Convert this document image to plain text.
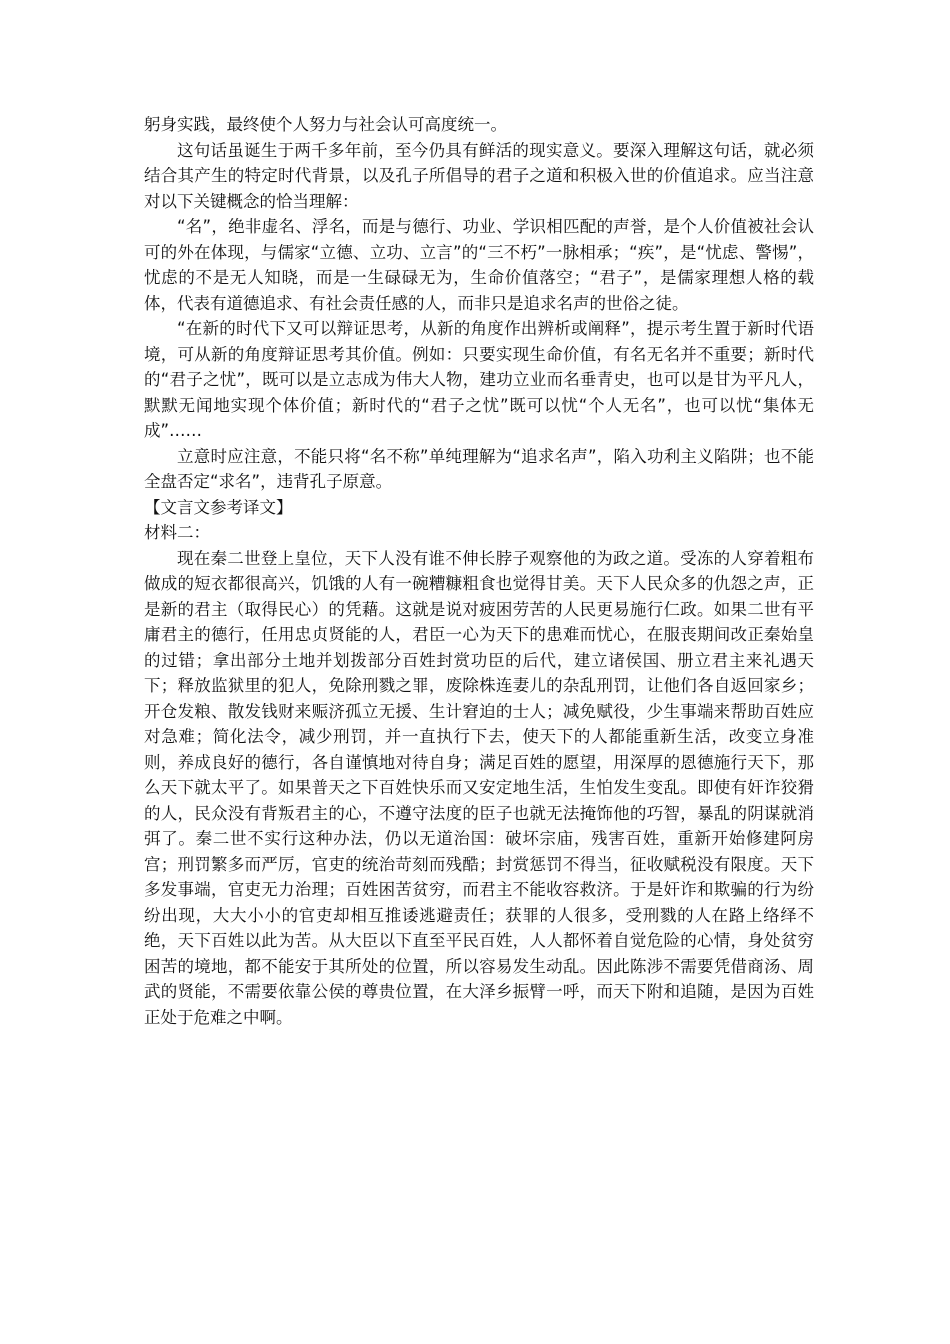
躬身实践，最终使个人努力与社会认可高度统一。

这句话虽诞生于两千多年前，至今仍具有鲜活的现实意义。要深入理解这句话，就必须结合其产生的特定时代背景，以及孔子所倡导的君子之道和积极入世的价值追求。应当注意对以下关键概念的恰当理解：

“名”，绝非虚名、浮名，而是与德行、功业、学识相匹配的声誉，是个人价值被社会认可的外在体现，与儒家“立德、立功、立言”的“三不朽”一脉相承；“疾”，是“忧虑、警惕”，忧虑的不是无人知晓，而是一生碌碌无为，生命价值落空；“君子”，是儒家理想人格的载体，代表有道德追求、有社会责任感的人，而非只是追求名声的世俗之徒。

“在新的时代下又可以辩证思考，从新的角度作出辨析或阐释”，提示考生置于新时代语境，可从新的角度辩证思考其价值。例如：只要实现生命价值，有名无名并不重要；新时代的“君子之忧”，既可以是立志成为伟大人物，建功立业而名垂青史，也可以是甘为平凡人，默默无闻地实现个体价值；新时代的“君子之忧”既可以忧“个人无名”，也可以忧“集体无成”……

立意时应注意，不能只将“名不称”单纯理解为“追求名声”，陷入功利主义陷阱；也不能全盘否定“求名”，违背孔子原意。

【文言文参考译文】

材料二：

现在秦二世登上皇位，天下人没有谁不伸长脖子观察他的为政之道。受冻的人穿着粗布做成的短衣都很高兴，饥饿的人有一碗糟糠粗食也觉得甘美。天下人民众多的仇怨之声，正是新的君主（取得民心）的凭藉。这就是说对疲困劳苦的人民更易施行仁政。如果二世有平庸君主的德行，任用忠贞贤能的人，君臣一心为天下的患难而忧心，在服丧期间改正秦始皇的过错；拿出部分土地并划拨部分百姓封赏功臣的后代，建立诸侯国、册立君主来礼遇天下；释放监狱里的犯人，免除刑戮之罪，废除株连妻儿的杂乱刑罚，让他们各自返回家乡；开仓发粮、散发钱财来赈济孤立无援、生计窘迫的士人；减免赋役，少生事端来帮助百姓应对急难；简化法令，减少刑罚，并一直执行下去，使天下的人都能重新生活，改变立身准则，养成良好的德行，各自谨慎地对待自身；满足百姓的愿望，用深厚的恩德施行天下，那么天下就太平了。如果普天之下百姓快乐而又安定地生活，生怕发生变乱。即使有奸诈狡猾的人，民众没有背叛君主的心，不遵守法度的臣子也就无法掩饰他的巧智，暴乱的阴谋就消弭了。秦二世不实行这种办法，仍以无道治国：破坏宗庙，残害百姓，重新开始修建阿房宫；刑罚繁多而严厉，官吏的统治苛刻而残酷；封赏惩罚不得当，征收赋税没有限度。天下多发事端，官吏无力治理；百姓困苦贫穷，而君主不能收容救济。于是奸诈和欺骗的行为纷纷出现，大大小小的官吏却相互推诿逃避责任；获罪的人很多，受刑戮的人在路上络绎不绝，天下百姓以此为苦。从大臣以下直至平民百姓，人人都怀着自觉危险的心情，身处贫穷困苦的境地，都不能安于其所处的位置，所以容易发生动乱。因此陈涉不需要凭借商汤、周武的贤能，不需要依靠公侯的尊贵位置，在大泽乡振臂一呼，而天下附和追随，是因为百姓正处于危难之中啊。
